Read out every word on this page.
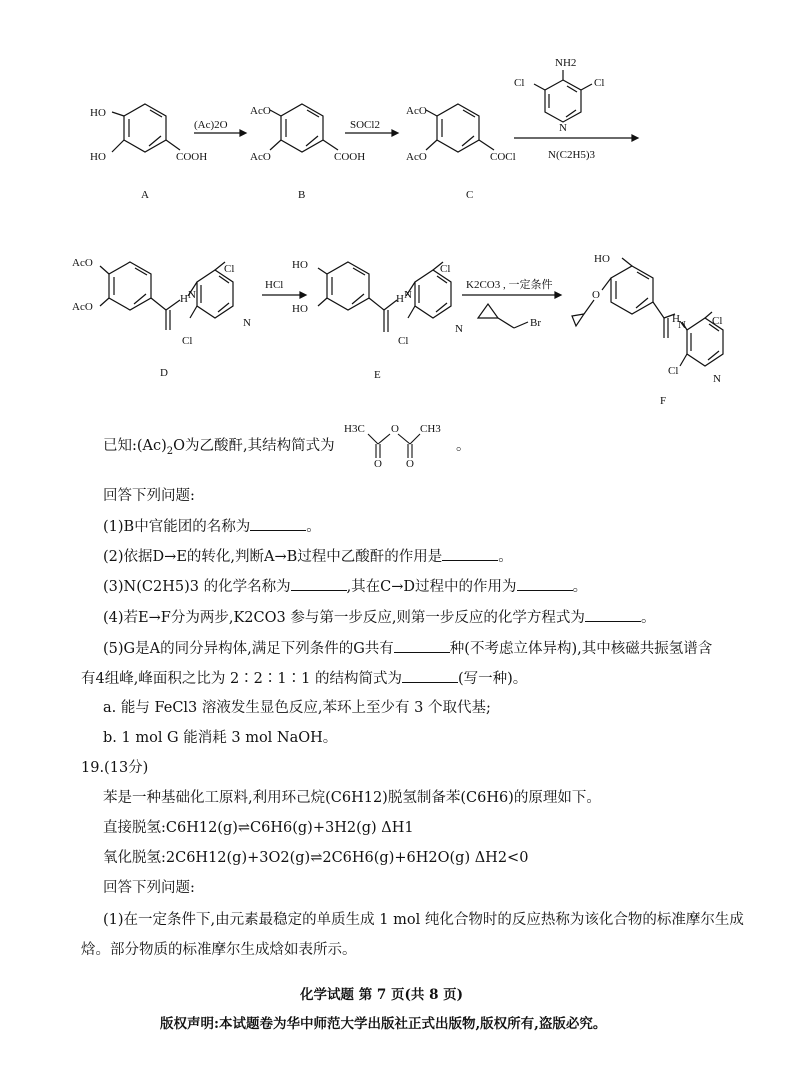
HO
HO	COOH
A
(Ac)2O
AcO
AcO	COOH
B
SOCl2
AcO
AcO	COCl
C
NH2
Cl	Cl
N
N(C2H5)3
AcO
AcO
H N
Cl
Cl
N
D
HCl
HO
HO
H N
Cl
Cl
N
E
K2CO3 , 一定条件
Br
HO
O
H
N Cl
Cl
N
F
已知$:(Ac)_2O$为乙酸酐,其结构简式为
H3C O CH3
O O
。
回答下列问题:
(1)B中官能团的名称为	。
(2)依据D→E的转化,判断A→B过程中乙酸酐的作用是	。
(3)N(C2H5)3 的化学名称为	,其在C→D过程中的作用为	。
(4)若E→F分为两步,K2CO3 参与第一步反应,则第一步反应的化学方程式为	。
(5)G是A的同分异构体,满足下列条件的G共有	种(不考虑立体异构),其中核磁共振氢谱含
有4组峰,峰面积之比为 2∶2∶1∶1 的结构简式为	(写一种)。
a. 能与 FeCl3 溶液发生显色反应,苯环上至少有 3 个取代基;
b. 1 mol G 能消耗 3 mol NaOH。
19.(13分)
苯是一种基础化工原料,利用环己烷(C6H12)脱氢制备苯(C6H6)的原理如下。
直接脱氢:C6H12(g)⇌C6H6(g)+3H2(g) ΔH1
氧化脱氢:2C6H12(g)+3O2(g)⇌2C6H6(g)+6H2O(g) ΔH2<0
回答下列问题:
(1)在一定条件下,由元素最稳定的单质生成 1 mol 纯化合物时的反应热称为该化合物的标准摩尔生成
焓。部分物质的标准摩尔生成焓如表所示。
化学试题 第 7 页(共 8 页)
版权声明:本试题卷为华中师范大学出版社正式出版物,版权所有,盗版必究。
